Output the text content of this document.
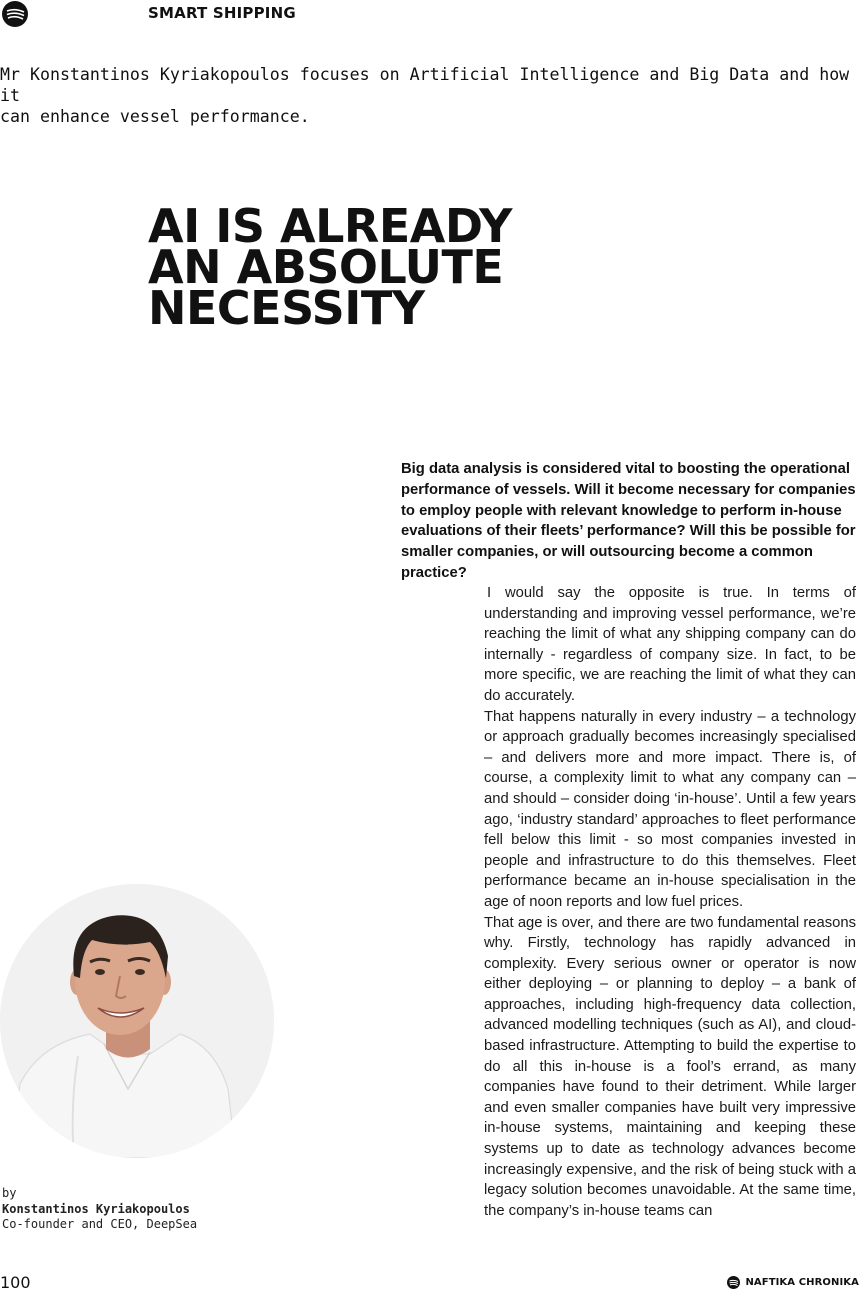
SMART SHIPPING

Mr Konstantinos Kyriakopoulos focuses on Artificial Intelligence and Big Data and how it
can enhance vessel performance.

AI IS ALREADY
AN ABSOLUTE
NECESSITY

Big data analysis is considered vital to boosting the operational performance of vessels. Will it become necessary for companies to employ people with relevant knowledge to perform in-house evaluations of their fleets’ performance? Will this be possible for smaller companies, or will outsourcing become a common practice?

I would say the opposite is true. In terms of understanding and improving vessel performance, we’re reaching the limit of what any shipping company can do internally - regardless of company size. In fact, to be more specific, we are reaching the limit of what they can do accurately.

That happens naturally in every industry – a technology or approach gradually becomes increasingly specialised – and delivers more and more impact. There is, of course, a complexity limit to what any company can – and should – consider doing ‘in-house’. Until a few years ago, ‘industry standard’ approaches to fleet performance fell below this limit - so most companies invested in people and infrastructure to do this themselves. Fleet performance became an in-house specialisation in the age of noon reports and low fuel prices.

That age is over, and there are two fundamental reasons why. Firstly, technology has rapidly advanced in complexity. Every serious owner or operator is now either deploying – or planning to deploy – a bank of approaches, including high-frequency data collection, advanced modelling techniques (such as AI), and cloud-based infrastructure. Attempting to build the expertise to do all this in-house is a fool’s errand, as many companies have found to their detriment. While larger and even smaller companies have built very impressive in-house systems, maintaining and keeping these systems up to date as technology advances become increasingly expensive, and the risk of being stuck with a legacy solution becomes unavoidable. At the same time, the company’s in-house teams can

by
Konstantinos Kyriakopoulos
Co-founder and CEO, DeepSea
100	NAFTIKA CHRONIKA
